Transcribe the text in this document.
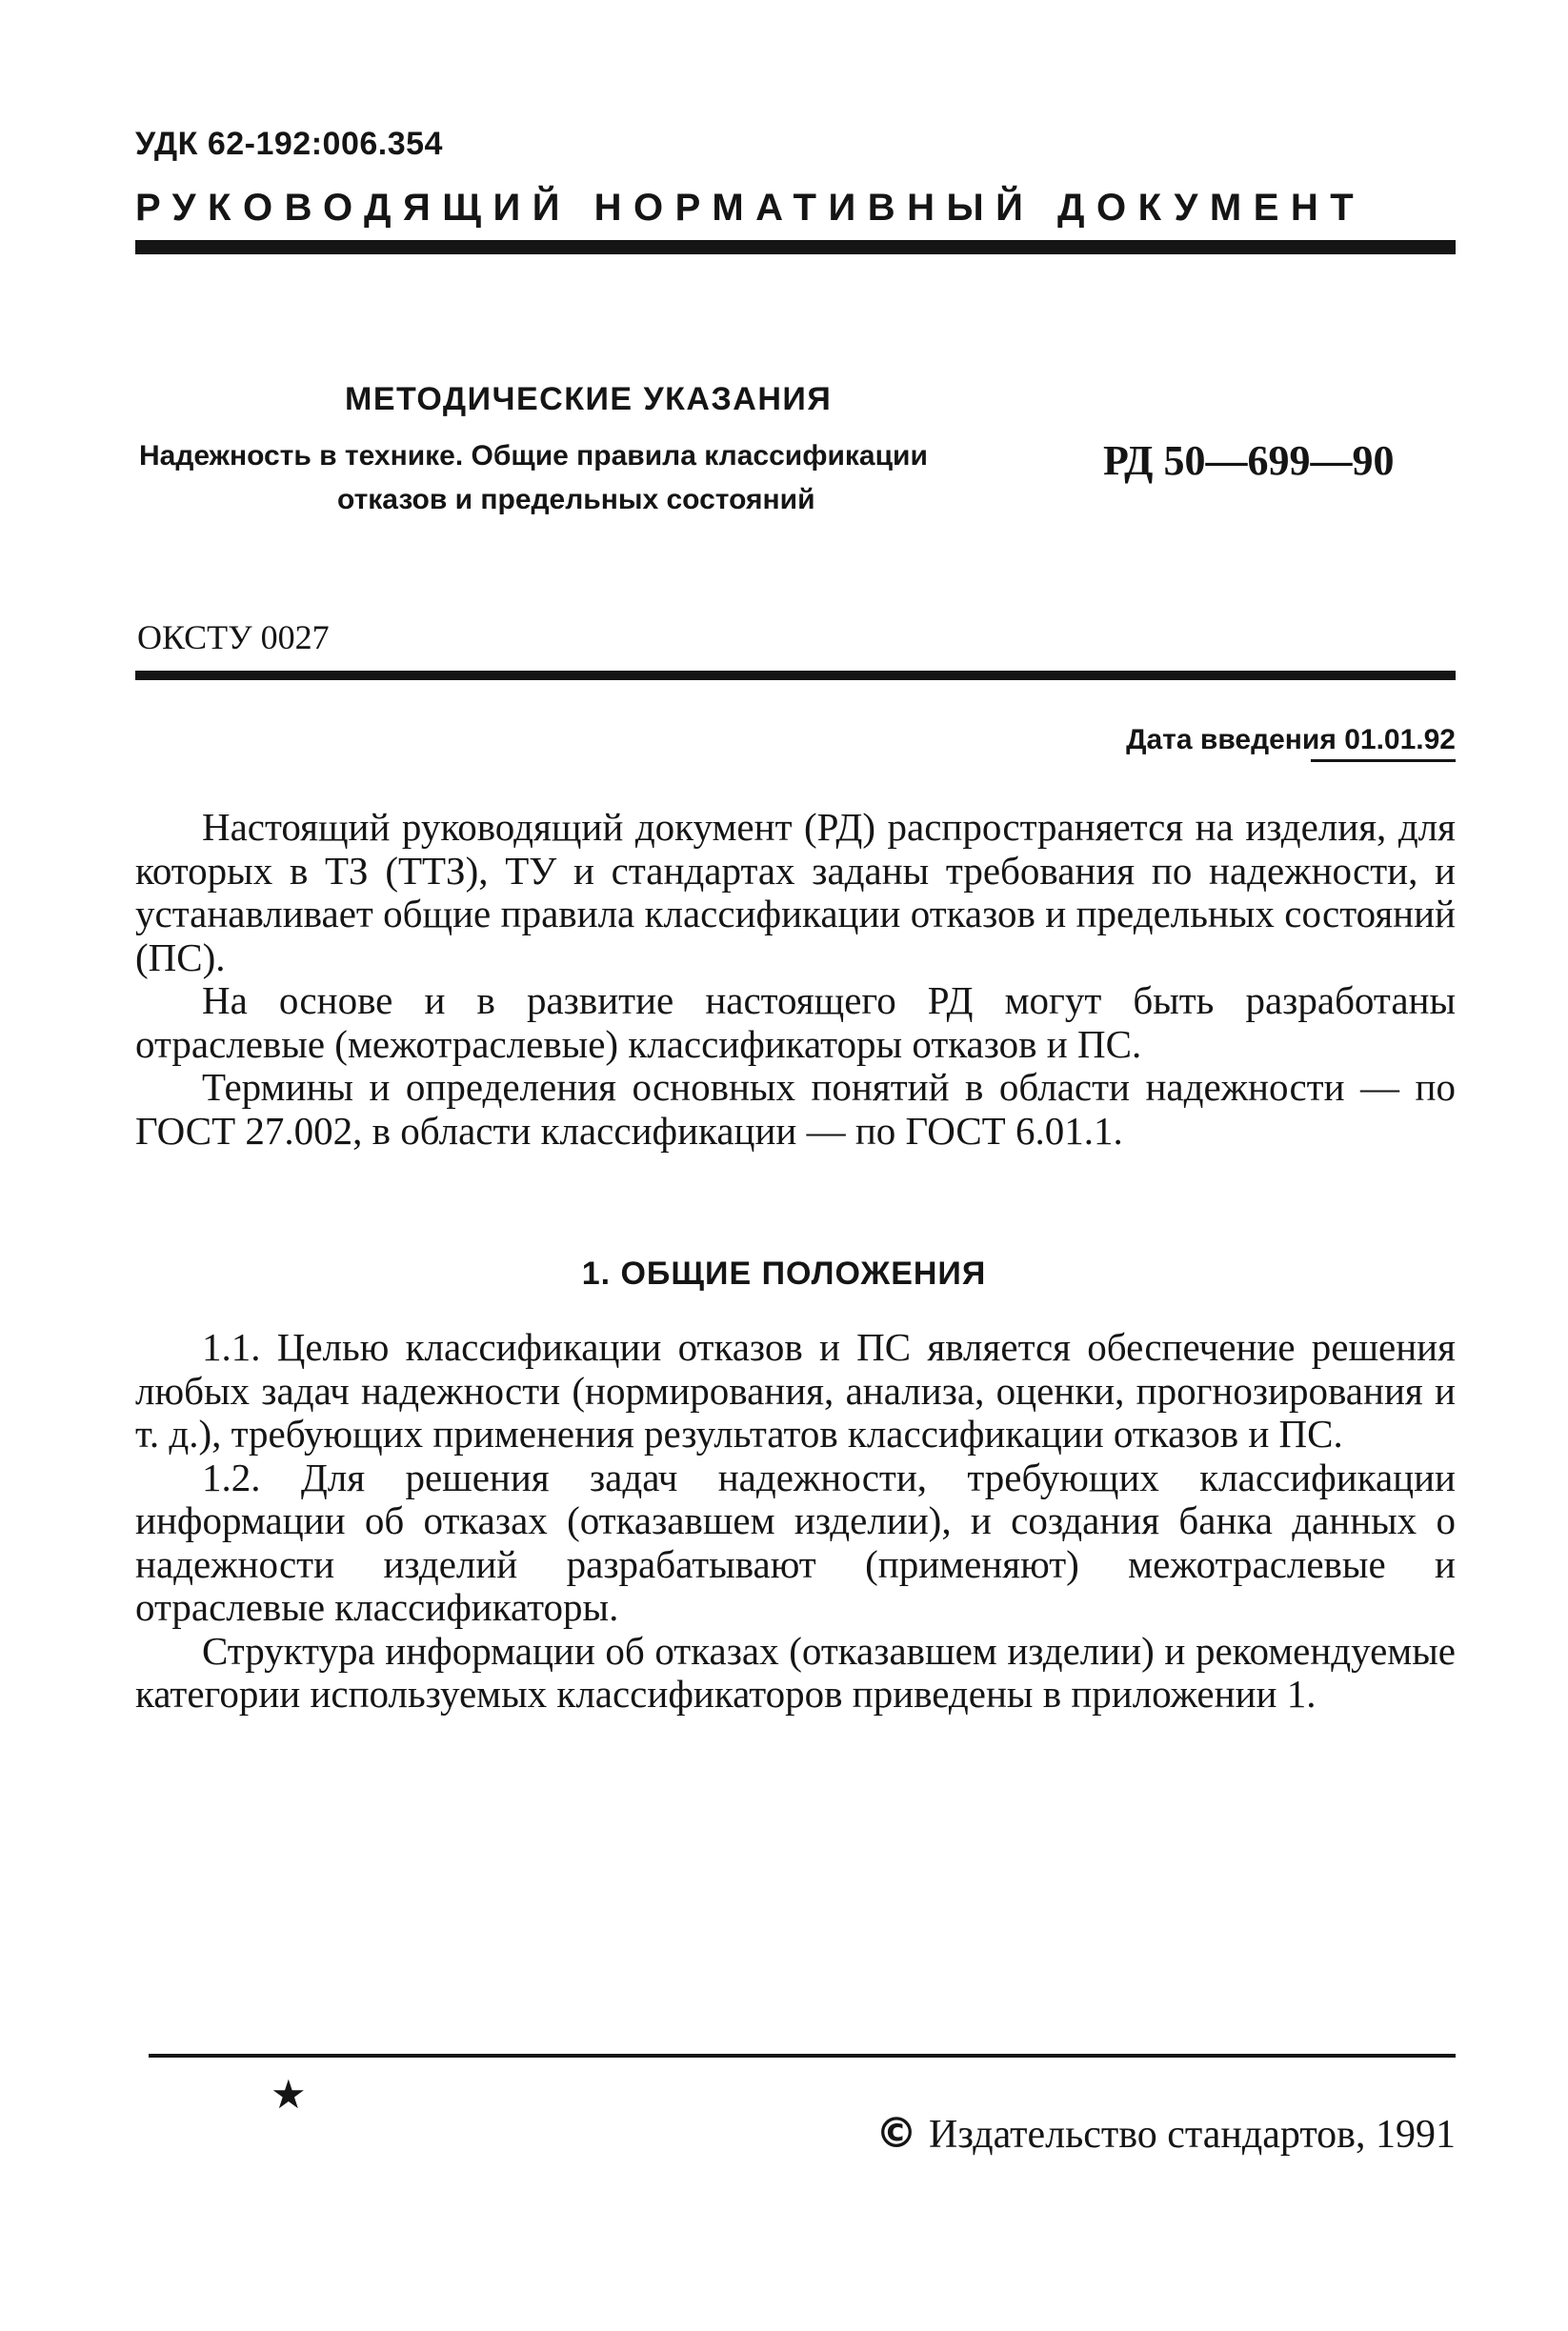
УДК 62-192:006.354
РУКОВОДЯЩИЙ НОРМАТИВНЫЙ ДОКУМЕНТ
МЕТОДИЧЕСКИЕ УКАЗАНИЯ
Надежность в технике. Общие правила классификации
отказов и предельных состояний
РД 50—699—90
ОКСТУ 0027
Дата введения 01.01.92

Настоящий руководящий документ (РД) распространяется на изделия, для которых в ТЗ (ТТЗ), ТУ и стандартах заданы требования по надежности, и устанавливает общие правила классификации отказов и предельных состояний (ПС).

На основе и в развитие настоящего РД могут быть разработаны отраслевые (межотраслевые) классификаторы отказов и ПС.

Термины и определения основных понятий в области надежности — по ГОСТ 27.002, в области классификации — по ГОСТ 6.01.1.

1. ОБЩИЕ ПОЛОЖЕНИЯ

1.1. Целью классификации отказов и ПС является обеспечение решения любых задач надежности (нормирования, анализа, оценки, прогнозирования и т. д.), требующих применения результатов классификации отказов и ПС.

1.2. Для решения задач надежности, требующих классификации информации об отказах (отказавшем изделии), и создания банка данных о надежности изделий разрабатывают (применяют) межотраслевые и отраслевые классификаторы.

Структура информации об отказах (отказавшем изделии) и рекомендуемые категории используемых классификаторов приведены в приложении 1.

★
© Издательство стандартов, 1991
